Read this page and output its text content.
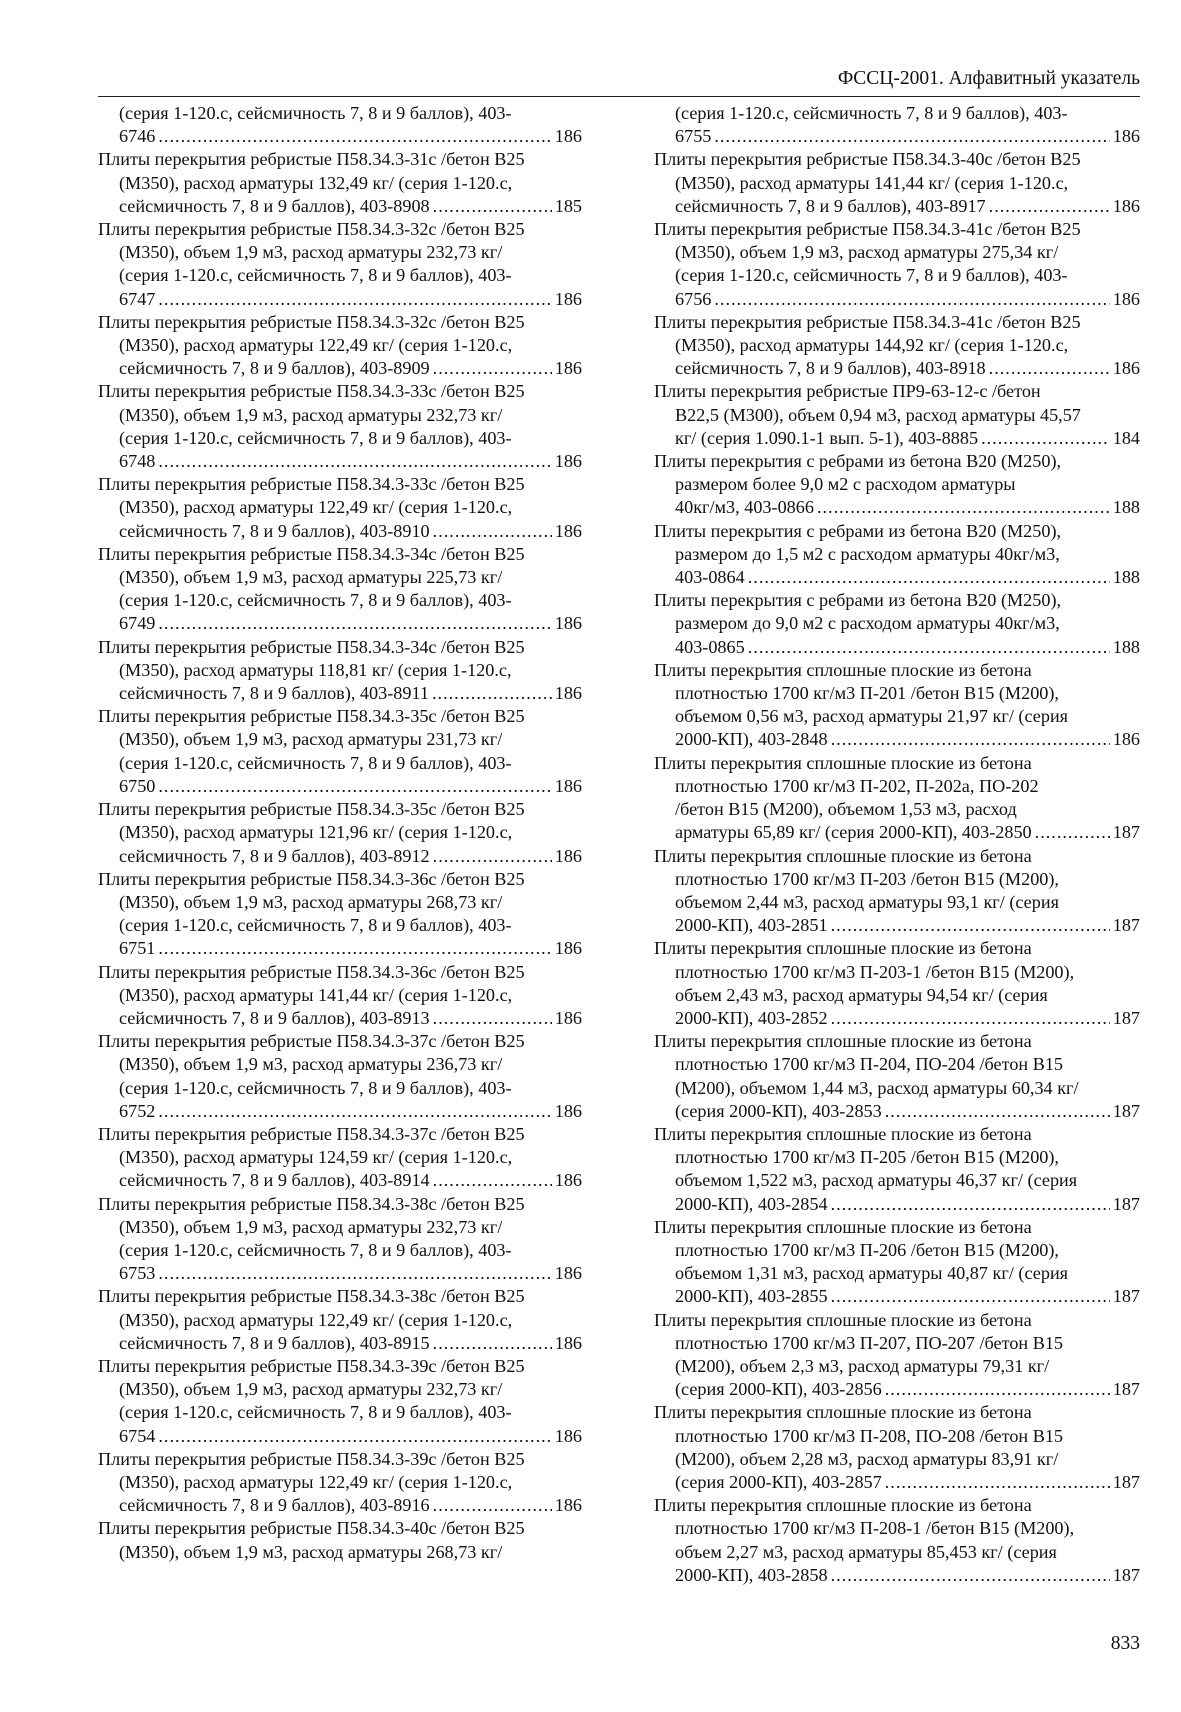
ФССЦ-2001. Алфавитный указатель
(серия 1-120.с, сейсмичность 7, 8 и 9 баллов), 403-
6746 .....	186
Плиты перекрытия ребристые П58.34.3-31с /бетон В25
(М350), расход арматуры 132,49 кг/ (серия 1-120.с,
сейсмичность 7, 8 и 9 баллов), 403-8908 .....	185
Плиты перекрытия ребристые П58.34.3-32с /бетон В25
(М350), объем 1,9 м3, расход арматуры 232,73 кг/
(серия 1-120.с, сейсмичность 7, 8 и 9 баллов), 403-
6747 .....	186
Плиты перекрытия ребристые П58.34.3-32с /бетон В25
(М350), расход арматуры 122,49 кг/ (серия 1-120.с,
сейсмичность 7, 8 и 9 баллов), 403-8909 .....	186
Плиты перекрытия ребристые П58.34.3-33с /бетон В25
(М350), объем 1,9 м3, расход арматуры 232,73 кг/
(серия 1-120.с, сейсмичность 7, 8 и 9 баллов), 403-
6748 .....	186
Плиты перекрытия ребристые П58.34.3-33с /бетон В25
(М350), расход арматуры 122,49 кг/ (серия 1-120.с,
сейсмичность 7, 8 и 9 баллов), 403-8910 .....	186
Плиты перекрытия ребристые П58.34.3-34с /бетон В25
(М350), объем 1,9 м3, расход арматуры 225,73 кг/
(серия 1-120.с, сейсмичность 7, 8 и 9 баллов), 403-
6749 .....	186
Плиты перекрытия ребристые П58.34.3-34с /бетон В25
(М350), расход арматуры 118,81 кг/ (серия 1-120.с,
сейсмичность 7, 8 и 9 баллов), 403-8911 .....	186
Плиты перекрытия ребристые П58.34.3-35с /бетон В25
(М350), объем 1,9 м3, расход арматуры 231,73 кг/
(серия 1-120.с, сейсмичность 7, 8 и 9 баллов), 403-
6750 .....	186
Плиты перекрытия ребристые П58.34.3-35с /бетон В25
(М350), расход арматуры 121,96 кг/ (серия 1-120.с,
сейсмичность 7, 8 и 9 баллов), 403-8912 .....	186
Плиты перекрытия ребристые П58.34.3-36с /бетон В25
(М350), объем 1,9 м3, расход арматуры 268,73 кг/
(серия 1-120.с, сейсмичность 7, 8 и 9 баллов), 403-
6751 .....	186
Плиты перекрытия ребристые П58.34.3-36с /бетон В25
(М350), расход арматуры 141,44 кг/ (серия 1-120.с,
сейсмичность 7, 8 и 9 баллов), 403-8913 .....	186
Плиты перекрытия ребристые П58.34.3-37с /бетон В25
(М350), объем 1,9 м3, расход арматуры 236,73 кг/
(серия 1-120.с, сейсмичность 7, 8 и 9 баллов), 403-
6752 .....	186
Плиты перекрытия ребристые П58.34.3-37с /бетон В25
(М350), расход арматуры 124,59 кг/ (серия 1-120.с,
сейсмичность 7, 8 и 9 баллов), 403-8914 .....	186
Плиты перекрытия ребристые П58.34.3-38с /бетон В25
(М350), объем 1,9 м3, расход арматуры 232,73 кг/
(серия 1-120.с, сейсмичность 7, 8 и 9 баллов), 403-
6753 .....	186
Плиты перекрытия ребристые П58.34.3-38с /бетон В25
(М350), расход арматуры 122,49 кг/ (серия 1-120.с,
сейсмичность 7, 8 и 9 баллов), 403-8915 .....	186
Плиты перекрытия ребристые П58.34.3-39с /бетон В25
(М350), объем 1,9 м3, расход арматуры 232,73 кг/
(серия 1-120.с, сейсмичность 7, 8 и 9 баллов), 403-
6754 .....	186
Плиты перекрытия ребристые П58.34.3-39с /бетон В25
(М350), расход арматуры 122,49 кг/ (серия 1-120.с,
сейсмичность 7, 8 и 9 баллов), 403-8916 .....	186
Плиты перекрытия ребристые П58.34.3-40с /бетон В25
(М350), объем 1,9 м3, расход арматуры 268,73 кг/
(серия 1-120.с, сейсмичность 7, 8 и 9 баллов), 403-
6755 .....	186
Плиты перекрытия ребристые П58.34.3-40с /бетон В25
(М350), расход арматуры 141,44 кг/ (серия 1-120.с,
сейсмичность 7, 8 и 9 баллов), 403-8917 .....	186
Плиты перекрытия ребристые П58.34.3-41с /бетон В25
(М350), объем 1,9 м3, расход арматуры 275,34 кг/
(серия 1-120.с, сейсмичность 7, 8 и 9 баллов), 403-
6756 .....	186
Плиты перекрытия ребристые П58.34.3-41с /бетон В25
(М350), расход арматуры 144,92 кг/ (серия 1-120.с,
сейсмичность 7, 8 и 9 баллов), 403-8918 .....	186
Плиты перекрытия ребристые ПР9-63-12-с /бетон
В22,5 (М300), объем 0,94 м3, расход арматуры 45,57
кг/ (серия 1.090.1-1 вып. 5-1), 403-8885 .....	184
Плиты перекрытия с ребрами из бетона В20 (М250),
размером более 9,0 м2 с расходом арматуры
40кг/м3, 403-0866 .....	188
Плиты перекрытия с ребрами из бетона В20 (М250),
размером до 1,5 м2 с расходом арматуры 40кг/м3,
403-0864 .....	188
Плиты перекрытия с ребрами из бетона В20 (М250),
размером до 9,0 м2 с расходом арматуры 40кг/м3,
403-0865 .....	188
Плиты перекрытия сплошные плоские из бетона
плотностью 1700 кг/м3 П-201 /бетон В15 (М200),
объемом 0,56 м3, расход арматуры 21,97 кг/ (серия
2000-КП), 403-2848 .....	186
Плиты перекрытия сплошные плоские из бетона
плотностью 1700 кг/м3 П-202, П-202а, ПО-202
/бетон В15 (М200), объемом 1,53 м3, расход
арматуры 65,89 кг/ (серия 2000-КП), 403-2850 .....	187
Плиты перекрытия сплошные плоские из бетона
плотностью 1700 кг/м3 П-203 /бетон В15 (М200),
объемом 2,44 м3, расход арматуры 93,1 кг/ (серия
2000-КП), 403-2851 .....	187
Плиты перекрытия сплошные плоские из бетона
плотностью 1700 кг/м3 П-203-1 /бетон В15 (М200),
объем 2,43 м3, расход арматуры 94,54 кг/ (серия
2000-КП), 403-2852 .....	187
Плиты перекрытия сплошные плоские из бетона
плотностью 1700 кг/м3 П-204, ПО-204 /бетон В15
(М200), объемом 1,44 м3, расход арматуры 60,34 кг/
(серия 2000-КП), 403-2853 .....	187
Плиты перекрытия сплошные плоские из бетона
плотностью 1700 кг/м3 П-205 /бетон В15 (М200),
объемом 1,522 м3, расход арматуры 46,37 кг/ (серия
2000-КП), 403-2854 .....	187
Плиты перекрытия сплошные плоские из бетона
плотностью 1700 кг/м3 П-206 /бетон В15 (М200),
объемом 1,31 м3, расход арматуры 40,87 кг/ (серия
2000-КП), 403-2855 .....	187
Плиты перекрытия сплошные плоские из бетона
плотностью 1700 кг/м3 П-207, ПО-207 /бетон В15
(М200), объем 2,3 м3, расход арматуры 79,31 кг/
(серия 2000-КП), 403-2856 .....	187
Плиты перекрытия сплошные плоские из бетона
плотностью 1700 кг/м3 П-208, ПО-208 /бетон В15
(М200), объем 2,28 м3, расход арматуры 83,91 кг/
(серия 2000-КП), 403-2857 .....	187
Плиты перекрытия сплошные плоские из бетона
плотностью 1700 кг/м3 П-208-1 /бетон В15 (М200),
объем 2,27 м3, расход арматуры 85,453 кг/ (серия
2000-КП), 403-2858 .....	187
833
